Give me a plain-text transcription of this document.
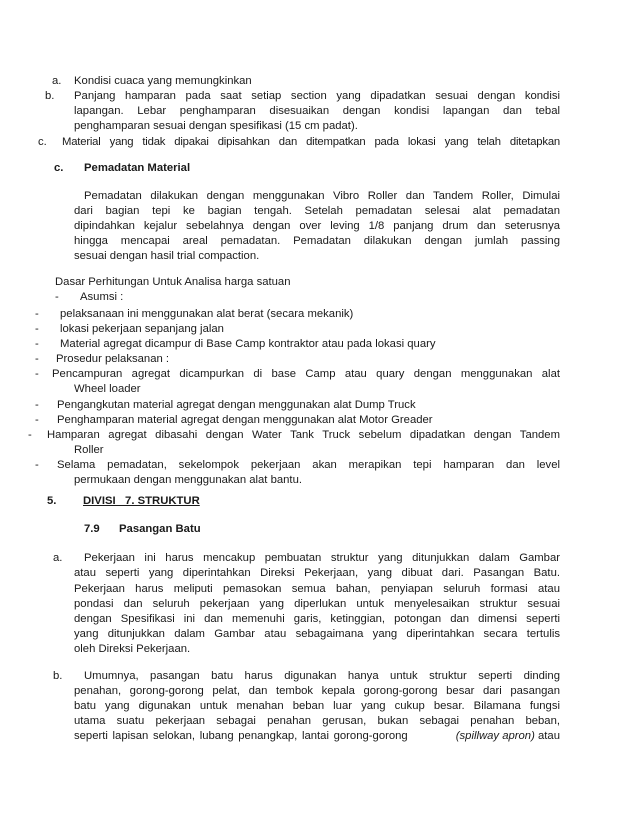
a. Kondisi cuaca yang memungkinkan
b. Panjang hamparan pada saat setiap section yang dipadatkan sesuai dengan kondisi
lapangan. Lebar penghamparan disesuaikan dengan kondisi lapangan dan tebal
penghamparan sesuai dengan spesifikasi (15 cm padat).
c. Material yang tidak dipakai dipisahkan dan ditempatkan pada lokasi yang telah ditetapkan
c. Pemadatan Material
Pemadatan dilakukan dengan menggunakan Vibro Roller dan Tandem Roller, Dimulai
dari bagian tepi ke bagian tengah. Setelah pemadatan selesai alat pemadatan
dipindahkan kejalur sebelahnya dengan over leving 1/8 panjang drum dan seterusnya
hingga mencapai areal pemadatan. Pemadatan dilakukan dengan jumlah passing
sesuai dengan hasil trial compaction.
Dasar Perhitungan Untuk Analisa harga satuan
- Asumsi :
- pelaksanaan ini menggunakan alat berat (secara mekanik)
- lokasi pekerjaan sepanjang jalan
- Material agregat dicampur di Base Camp kontraktor atau pada lokasi quary
- Prosedur pelaksanan :
- Pencampuran agregat dicampurkan di base Camp atau quary dengan menggunakan alat
Wheel loader
- Pengangkutan material agregat dengan menggunakan alat Dump Truck
- Penghamparan material agregat dengan menggunakan alat Motor Greader
- Hamparan agregat dibasahi dengan Water Tank Truck sebelum dipadatkan dengan Tandem
Roller
- Selama pemadatan, sekelompok pekerjaan akan merapikan tepi hamparan dan level
permukaan dengan menggunakan alat bantu.
5. DIVISI   7. STRUKTUR
7.9 Pasangan Batu
a. Pekerjaan ini harus mencakup pembuatan struktur yang ditunjukkan dalam Gambar
atau seperti yang diperintahkan Direksi Pekerjaan, yang dibuat dari. Pasangan Batu.
Pekerjaan harus meliputi pemasokan semua bahan, penyiapan seluruh formasi atau
pondasi dan seluruh pekerjaan yang diperlukan untuk menyelesaikan struktur sesuai
dengan Spesifikasi ini dan memenuhi garis, ketinggian, potongan dan dimensi seperti
yang ditunjukkan dalam Gambar atau sebagaimana yang diperintahkan secara tertulis
oleh Direksi Pekerjaan.
b. Umumnya, pasangan batu harus digunakan hanya untuk struktur seperti dinding
penahan, gorong-gorong pelat, dan tembok kepala gorong-gorong besar dari pasangan
batu yang digunakan untuk menahan beban luar yang cukup besar. Bilamana fungsi
utama suatu pekerjaan sebagai penahan gerusan, bukan sebagai penahan beban,
seperti lapisan selokan, lubang penangkap, lantai gorong-gorong	(spillway apron) atau
